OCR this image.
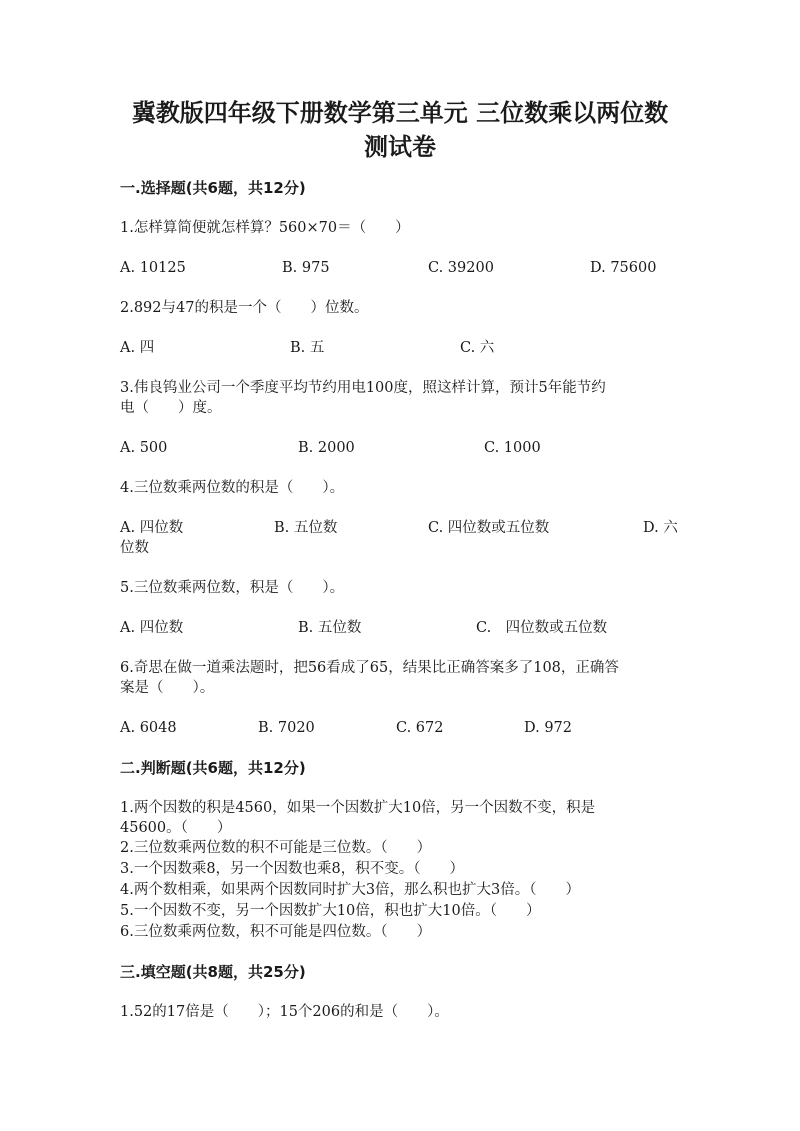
冀教版四年级下册数学第三单元 三位数乘以两位数
测试卷
一.选择题(共6题，共12分)
1.怎样算简便就怎样算？560×70＝（　　）
A. 10125	B. 975	C. 39200	D. 75600
2.892与47的积是一个（　　）位数。
A. 四	B. 五	C. 六
3.伟良钨业公司一个季度平均节约用电100度，照这样计算，预计5年能节约
电（　　）度。
A. 500	B. 2000	C. 1000
4.三位数乘两位数的积是（　　）。
A. 四位数	B. 五位数	C. 四位数或五位数	D. 六
位数
5.三位数乘两位数，积是（　　）。
A. 四位数	B. 五位数	C.　四位数或五位数
6.奇思在做一道乘法题时，把56看成了65，结果比正确答案多了108，正确答
案是（　　）。
A. 6048	B. 7020	C. 672	D. 972
二.判断题(共6题，共12分)
1.两个因数的积是4560，如果一个因数扩大10倍，另一个因数不变，积是
45600。（　　）
2.三位数乘两位数的积不可能是三位数。（　　）
3.一个因数乘8，另一个因数也乘8，积不变。（　　）
4.两个数相乘，如果两个因数同时扩大3倍，那么积也扩大3倍。（　　）
5.一个因数不变，另一个因数扩大10倍，积也扩大10倍。（　　）
6.三位数乘两位数，积不可能是四位数。（　　）
三.填空题(共8题，共25分)
1.52的17倍是（　　）；15个206的和是（　　）。
